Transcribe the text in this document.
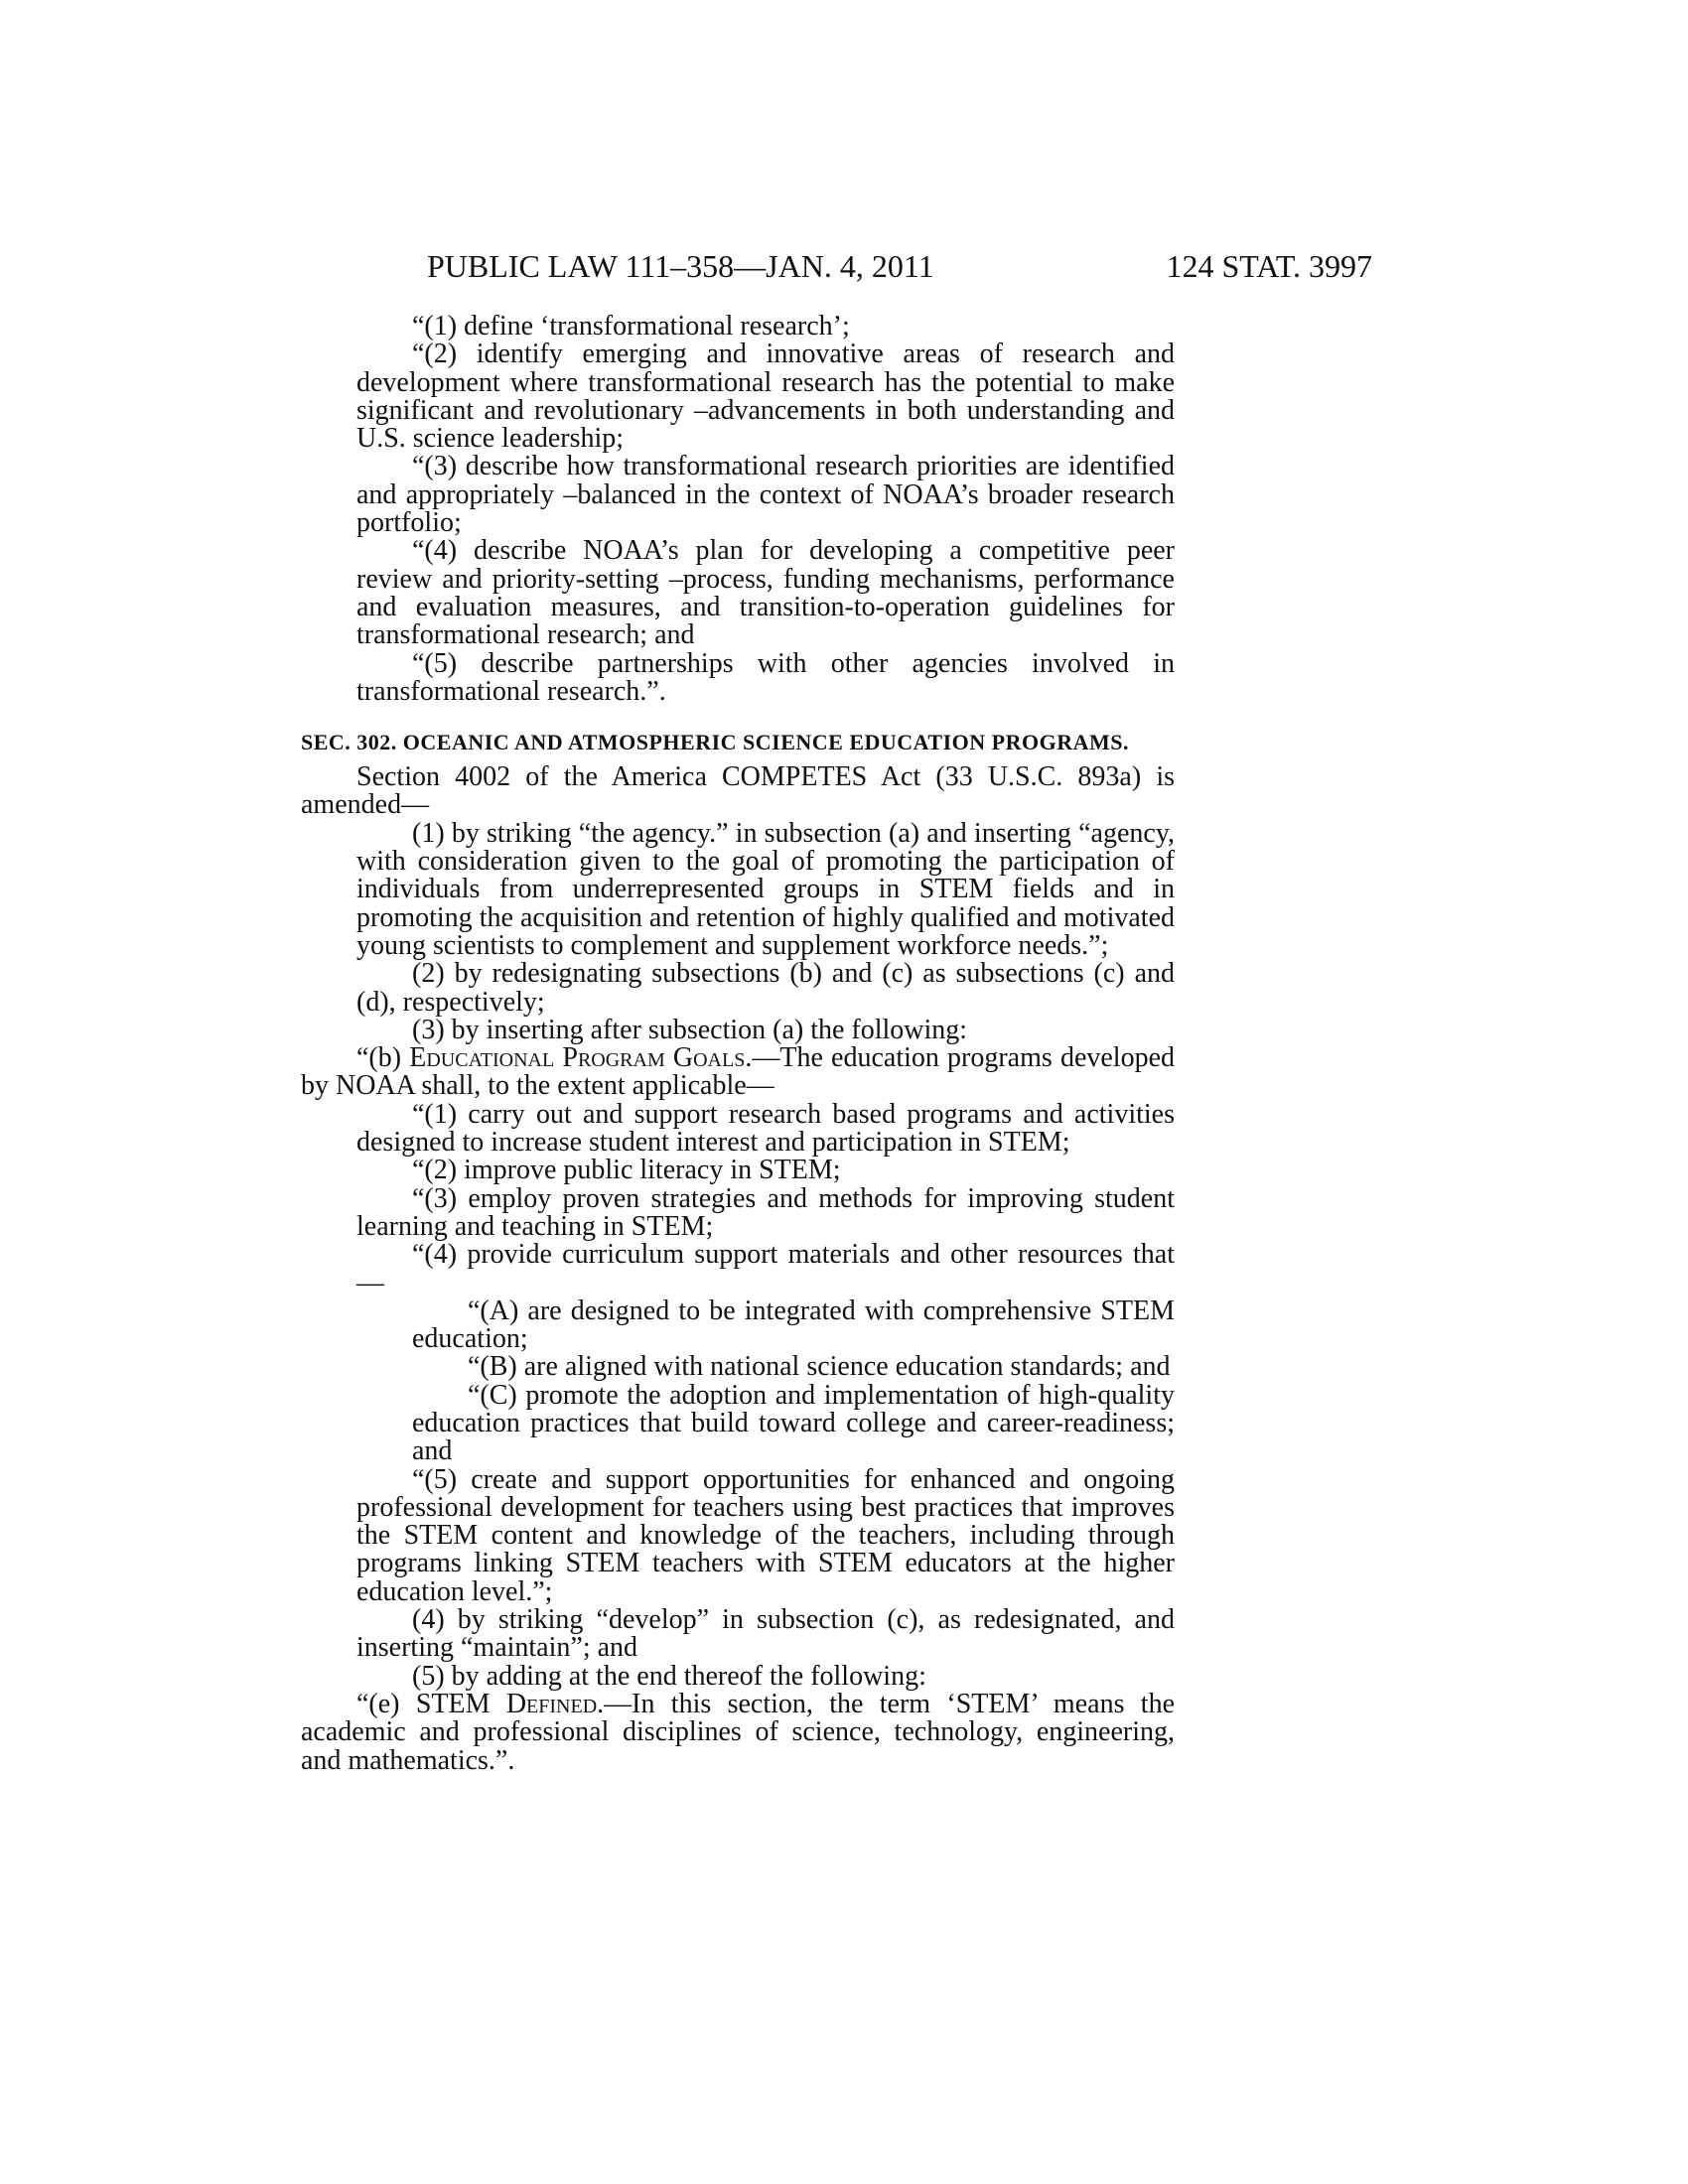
PUBLIC LAW 111–358—JAN. 4, 2011	124 STAT. 3997

“(1) define ‘transformational research’;

“(2) identify emerging and innovative areas of research and development where transformational research has the potential to make significant and revolutionary –advancements in both understanding and U.S. science leadership;

“(3) describe how transformational research priorities are identified and appropriately –balanced in the context of NOAA’s broader research portfolio;

“(4) describe NOAA’s plan for developing a competitive peer review and priority-setting –process, funding mechanisms, performance and evaluation measures, and transition-to-operation guidelines for transformational research; and

“(5) describe partnerships with other agencies involved in transformational research.”.

SEC. 302. OCEANIC AND ATMOSPHERIC SCIENCE EDUCATION PROGRAMS.

Section 4002 of the America COMPETES Act (33 U.S.C. 893a) is amended—

(1) by striking “the agency.” in subsection (a) and inserting “agency, with consideration given to the goal of promoting the participation of individuals from underrepresented groups in STEM fields and in promoting the acquisition and retention of highly qualified and motivated young scientists to complement and supplement workforce needs.”;

(2) by redesignating subsections (b) and (c) as subsections (c) and (d), respectively;

(3) by inserting after subsection (a) the following:

“(b) Educational Program Goals.—The education programs developed by NOAA shall, to the extent applicable—

“(1) carry out and support research based programs and activities designed to increase student interest and participation in STEM;

“(2) improve public literacy in STEM;

“(3) employ proven strategies and methods for improving student learning and teaching in STEM;

“(4) provide curriculum support materials and other resources that—

“(A) are designed to be integrated with comprehensive STEM education;

“(B) are aligned with national science education standards; and

“(C) promote the adoption and implementation of high-quality education practices that build toward college and career-readiness; and

“(5) create and support opportunities for enhanced and ongoing professional development for teachers using best practices that improves the STEM content and knowledge of the teachers, including through programs linking STEM teachers with STEM educators at the higher education level.”;

(4) by striking “develop” in subsection (c), as redesignated, and inserting “maintain”; and

(5) by adding at the end thereof the following:

“(e) STEM Defined.—In this section, the term ‘STEM’ means the academic and professional disciplines of science, technology, engineering, and mathematics.”.
